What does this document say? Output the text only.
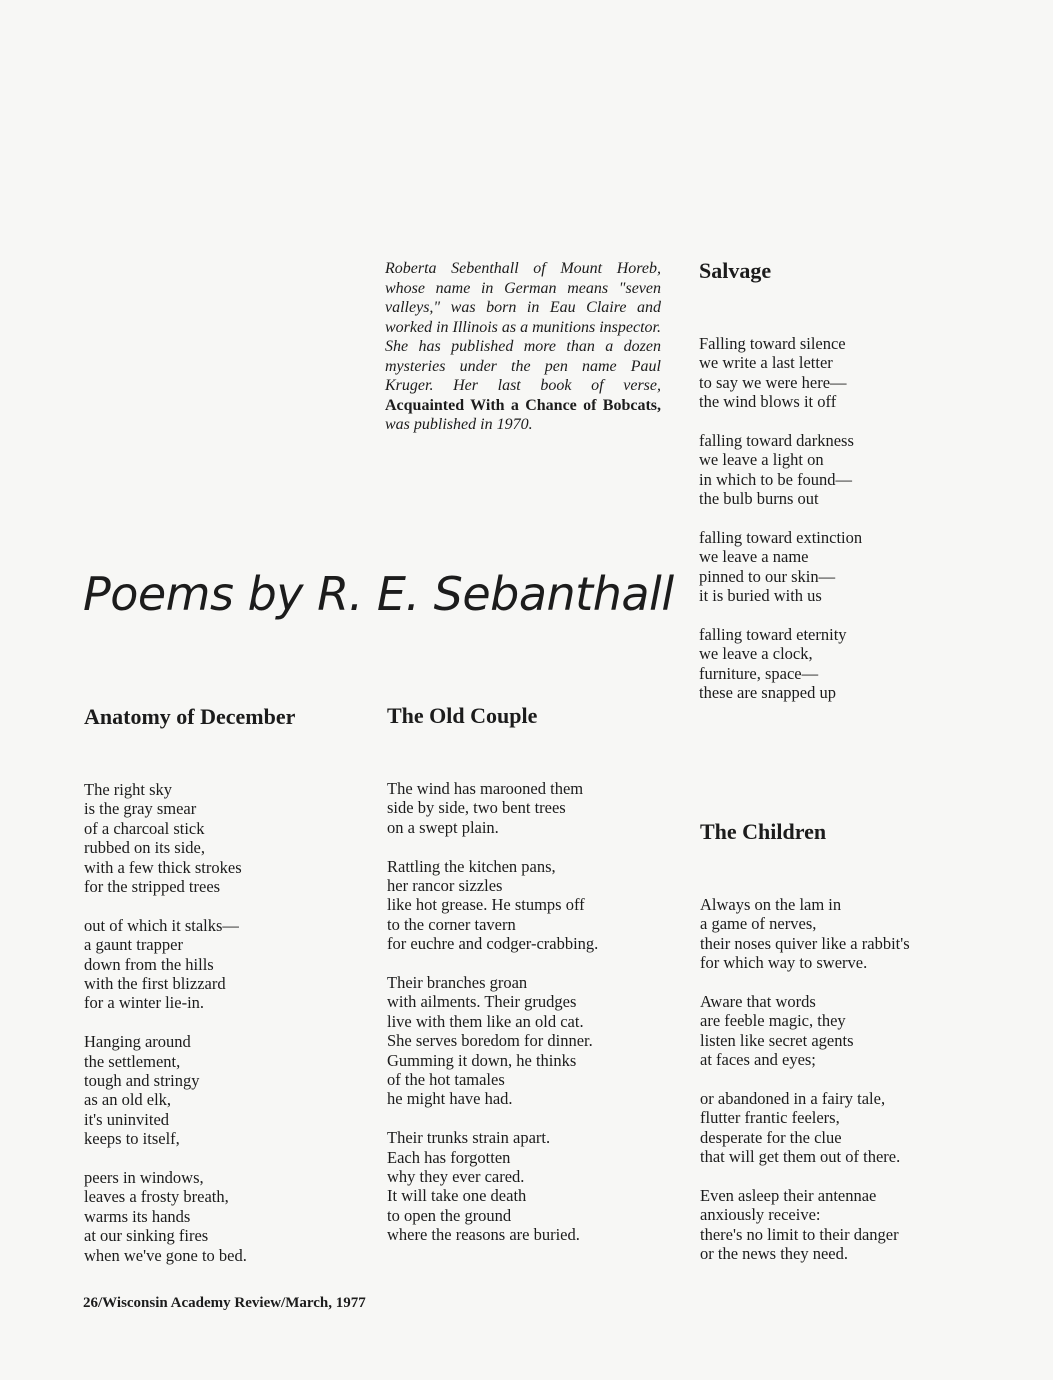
Roberta Sebenthall of Mount Horeb, whose name in German means "seven valleys," was born in Eau Claire and worked in Illinois as a munitions inspector. She has published more than a dozen mysteries under the pen name Paul Kruger. Her last book of verse, Acquainted With a Chance of Bobcats, was published in 1970.

Poems by R. E. Sebanthall
Salvage
Falling toward silence
we write a last letter
to say we were here—
the wind blows it off
falling toward darkness
we leave a light on
in which to be found—
the bulb burns out
falling toward extinction
we leave a name
pinned to our skin—
it is buried with us
falling toward eternity
we leave a clock,
furniture, space—
these are snapped up
Anatomy of December
The right sky
is the gray smear
of a charcoal stick
rubbed on its side,
with a few thick strokes
for the stripped trees
out of which it stalks—
a gaunt trapper
down from the hills
with the first blizzard
for a winter lie-in.
Hanging around
the settlement,
tough and stringy
as an old elk,
it's uninvited
keeps to itself,
peers in windows,
leaves a frosty breath,
warms its hands
at our sinking fires
when we've gone to bed.
The Old Couple
The wind has marooned them
side by side, two bent trees
on a swept plain.
Rattling the kitchen pans,
her rancor sizzles
like hot grease. He stumps off
to the corner tavern
for euchre and codger-crabbing.
Their branches groan
with ailments. Their grudges
live with them like an old cat.
She serves boredom for dinner.
Gumming it down, he thinks
of the hot tamales
he might have had.
Their trunks strain apart.
Each has forgotten
why they ever cared.
It will take one death
to open the ground
where the reasons are buried.
The Children
Always on the lam in
a game of nerves,
their noses quiver like a rabbit's
for which way to swerve.
Aware that words
are feeble magic, they
listen like secret agents
at faces and eyes;
or abandoned in a fairy tale,
flutter frantic feelers,
desperate for the clue
that will get them out of there.
Even asleep their antennae
anxiously receive:
there's no limit to their danger
or the news they need.

26/Wisconsin Academy Review/March, 1977
